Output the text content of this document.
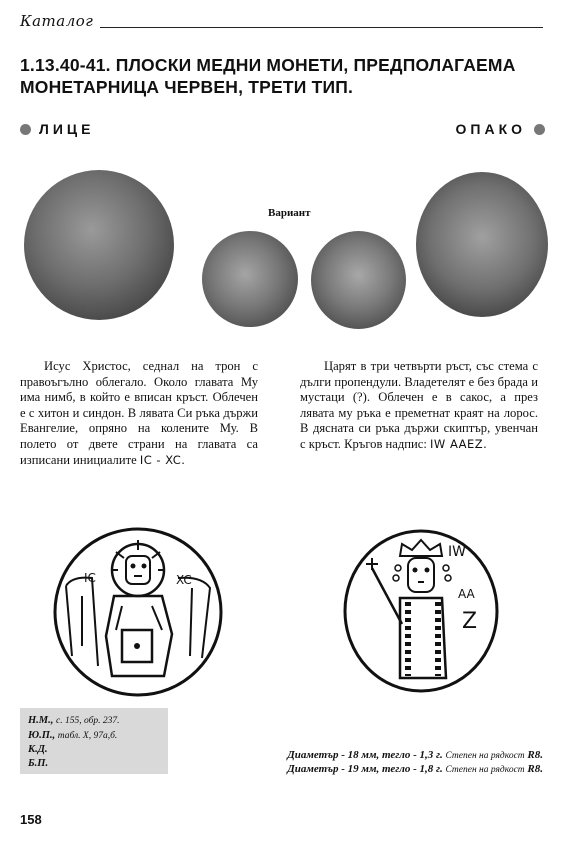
Каталог
1.13.40-41. ПЛОСКИ МЕДНИ МОНЕТИ, ПРЕДПОЛАГАЕМА МОНЕТАРНИЦА ЧЕРВЕН, ТРЕТИ ТИП.
ЛИЦЕ	ОПАКО
Вариант
Исус Христос, седнал на трон с правоъгълно облегало. Около главата Му има нимб, в който е вписан кръст. Облечен е с хитон и синдон. В лявата Си ръка държи Евангелие, опряно на колените Му. В полето от двете страни на главата са изписани инициалите IC - XC.
Царят в три четвърти ръст, със стема с дълги пропендули. Владетелят е без брада и мустаци (?). Облечен е в сакос, а през лявата му ръка е преметнат краят на лорос. В дясната си ръка държи скиптър, увенчан с кръст. Кръгов надпис: IW AAEZ.
IC	XC
IW
AA
Z
Н.М., с. 155, обр. 237.
Ю.П., табл. X, 97а,б.
К.Д.
Б.П.
Диаметър - 18 мм, тегло - 1,3 г. Степен на рядкост R8.
Диаметър - 19 мм, тегло - 1,8 г. Степен на рядкост R8.
158
